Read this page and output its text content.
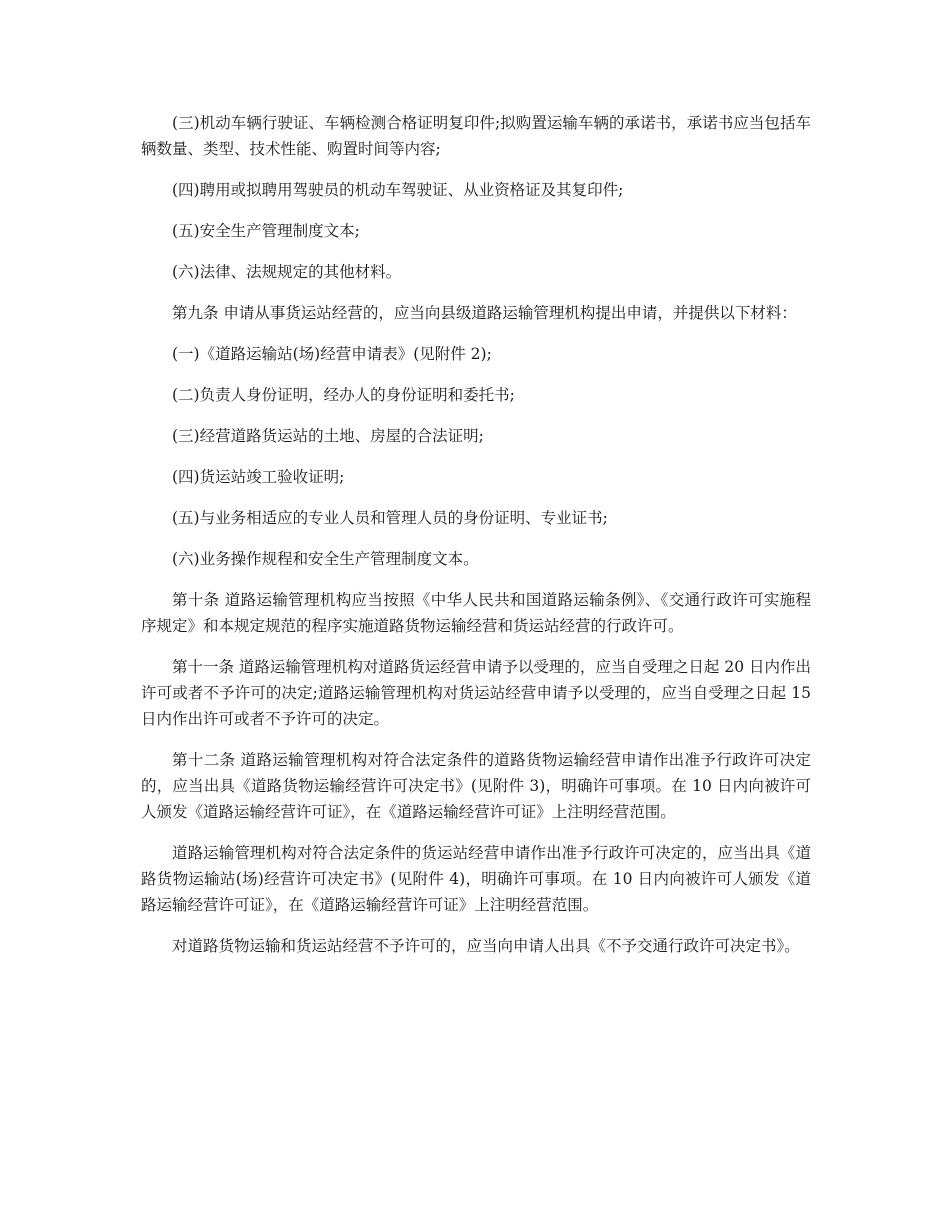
(三)机动车辆行驶证、车辆检测合格证明复印件;拟购置运输车辆的承诺书，承诺书应当包括车辆数量、类型、技术性能、购置时间等内容;

(四)聘用或拟聘用驾驶员的机动车驾驶证、从业资格证及其复印件;

(五)安全生产管理制度文本;

(六)法律、法规规定的其他材料。

第九条 申请从事货运站经营的，应当向县级道路运输管理机构提出申请，并提供以下材料：

(一)《道路运输站(场)经营申请表》(见附件 2);

(二)负责人身份证明，经办人的身份证明和委托书;

(三)经营道路货运站的土地、房屋的合法证明;

(四)货运站竣工验收证明;

(五)与业务相适应的专业人员和管理人员的身份证明、专业证书;

(六)业务操作规程和安全生产管理制度文本。

第十条 道路运输管理机构应当按照《中华人民共和国道路运输条例》、《交通行政许可实施程序规定》和本规定规范的程序实施道路货物运输经营和货运站经营的行政许可。

第十一条 道路运输管理机构对道路货运经营申请予以受理的，应当自受理之日起 20 日内作出许可或者不予许可的决定;道路运输管理机构对货运站经营申请予以受理的，应当自受理之日起 15 日内作出许可或者不予许可的决定。

第十二条 道路运输管理机构对符合法定条件的道路货物运输经营申请作出准予行政许可决定的，应当出具《道路货物运输经营许可决定书》(见附件 3)，明确许可事项。在 10 日内向被许可人颁发《道路运输经营许可证》，在《道路运输经营许可证》上注明经营范围。

道路运输管理机构对符合法定条件的货运站经营申请作出准予行政许可决定的，应当出具《道路货物运输站(场)经营许可决定书》(见附件 4)，明确许可事项。在 10 日内向被许可人颁发《道路运输经营许可证》，在《道路运输经营许可证》上注明经营范围。

对道路货物运输和货运站经营不予许可的，应当向申请人出具《不予交通行政许可决定书》。
